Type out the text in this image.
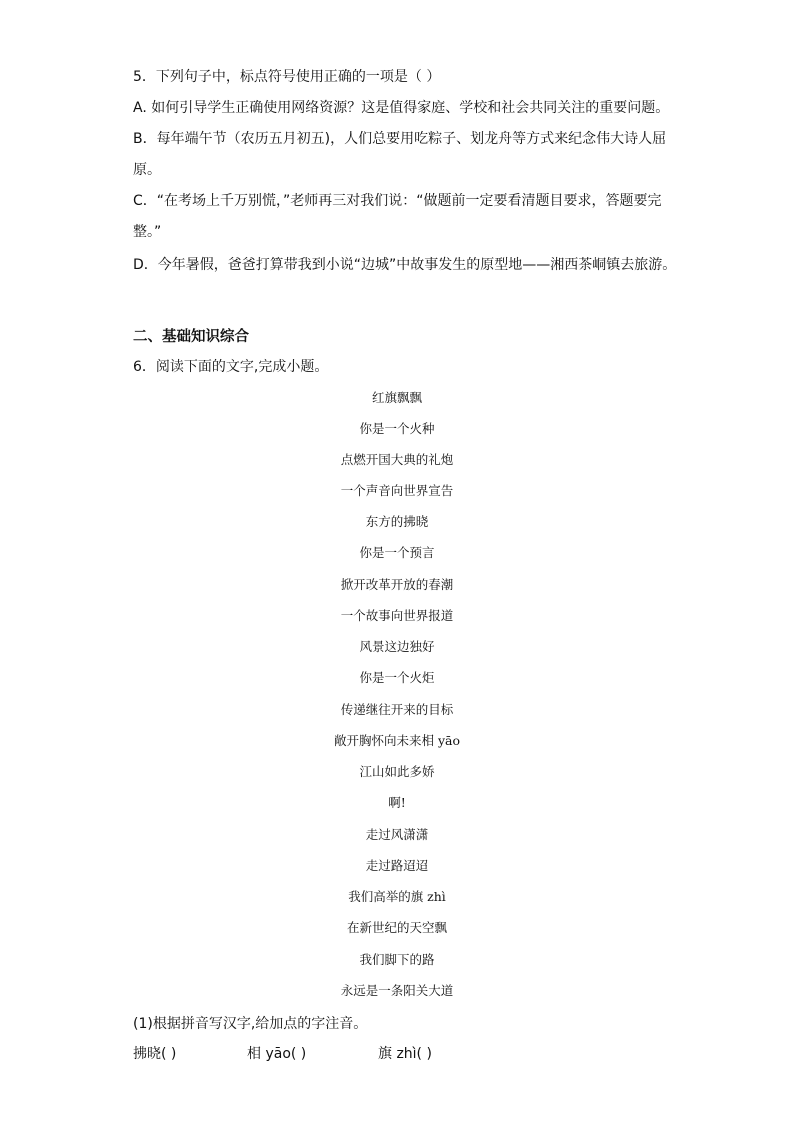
5．下列句子中，标点符号使用正确的一项是（ ）
A. 如何引导学生正确使用网络资源？这是值得家庭、学校和社会共同关注的重要问题。
B．每年端午节（农历五月初五)，人们总要用吃粽子、划龙舟等方式来纪念伟大诗人屈
原。
C．“在考场上千万别慌，”老师再三对我们说：“做题前一定要看清题目要求，答题要完
整。”
D．今年暑假，爸爸打算带我到小说“边城”中故事发生的原型地——湘西茶峒镇去旅游。
二、基础知识综合
6．阅读下面的文字,完成小题。
红旗飘飘
你是一个火种
点燃开国大典的礼炮
一个声音向世界宣告
东方的拂晓
你是一个预言
掀开改革开放的春潮
一个故事向世界报道
风景这边独好
你是一个火炬
传递继往开来的目标
敞开胸怀向未来相 yāo
江山如此多娇
啊!
走过风潇潇
走过路迢迢
我们高举的旗 zhì
在新世纪的天空飘
我们脚下的路
永远是一条阳关大道
(1)根据拼音写汉字,给加点的字注音。
拂晓( )	相 yāo( )	旗 zhì( )
